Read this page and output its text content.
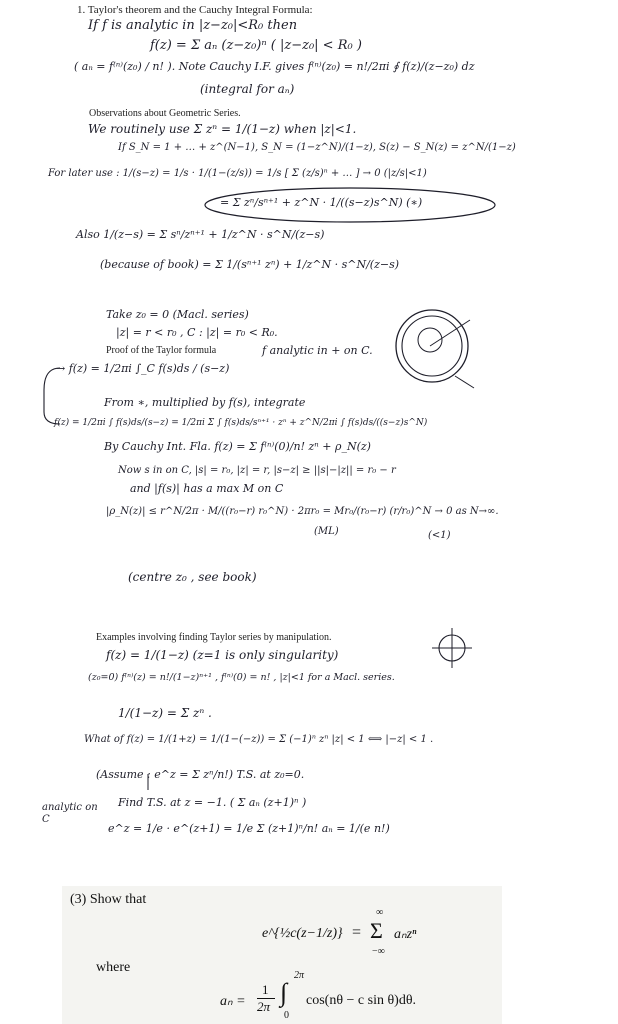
1. Taylor's theorem and the Cauchy Integral Formula:
If f is analytic in |z−z₀|<R₀ then
f(z) = Σ aₙ (z−z₀)ⁿ ( |z−z₀| < R₀ )
( aₙ = f⁽ⁿ⁾(z₀) / n! ). Note Cauchy I.F. gives f⁽ⁿ⁾(z₀) = n!/2πi ∮ f(z)/(z−z₀) dz
(integral for aₙ)
Observations about Geometric Series.
We routinely use Σ zⁿ = 1/(1−z) when |z|<1.
If S_N = 1 + … + z^(N−1), S_N = (1−z^N)/(1−z), S(z) − S_N(z) = z^N/(1−z)
For later use : 1/(s−z) = 1/s · 1/(1−(z/s)) = 1/s [ Σ (z/s)ⁿ + … ] → 0 (|z/s|<1)
= Σ zⁿ/sⁿ⁺¹ + z^N · 1/((s−z)s^N) (∗)
Also 1/(z−s) = Σ sⁿ/zⁿ⁺¹ + 1/z^N · s^N/(z−s)
(because of book) = Σ 1/(sⁿ⁺¹ zⁿ) + 1/z^N · s^N/(z−s)
Take z₀ = 0 (Macl. series)
|z| = r < r₀ , C : |z| = r₀ < R₀.
Proof of the Taylor formula	f analytic in + on C.
→ f(z) = 1/2πi ∫_C f(s)ds / (s−z)
From ∗, multiplied by f(s), integrate
f(z) = 1/2πi ∫ f(s)ds/(s−z) = 1/2πi Σ ∫ f(s)ds/sⁿ⁺¹ · zⁿ + z^N/2πi ∫ f(s)ds/((s−z)s^N)
By Cauchy Int. Fla. f(z) = Σ f⁽ⁿ⁾(0)/n! zⁿ + ρ_N(z)
Now s in on C, |s| = r₀, |z| = r, |s−z| ≥ ||s|−|z|| = r₀ − r
and |f(s)| has a max M on C
|ρ_N(z)| ≤ r^N/2π · M/((r₀−r) r₀^N) · 2πr₀ = Mr₀/(r₀−r) (r/r₀)^N → 0 as N→∞.
(ML)	(<1)
(centre z₀ , see book)
Examples involving finding Taylor series by manipulation.
f(z) = 1/(1−z) (z=1 is only singularity)
(z₀=0) f⁽ⁿ⁾(z) = n!/(1−z)ⁿ⁺¹ , f⁽ⁿ⁾(0) = n! , |z|<1 for a Macl. series.
1/(1−z) = Σ zⁿ .
What of f(z) = 1/(1+z) = 1/(1−(−z)) = Σ (−1)ⁿ zⁿ |z| < 1 ⟺ |−z| < 1 .
(Assume : e^z = Σ zⁿ/n!) T.S. at z₀=0.
Find T.S. at z = −1. ( Σ aₙ (z+1)ⁿ )
e^z = 1/e · e^(z+1) = 1/e Σ (z+1)ⁿ/n! aₙ = 1/(e n!)
analytic on C
(3) Show that
e^{½c(z−1/z)} =
∞
Σ
−∞
aₙzⁿ
where
aₙ =
1
2π
2π
∫
0
cos(nθ − c sin θ)dθ.
